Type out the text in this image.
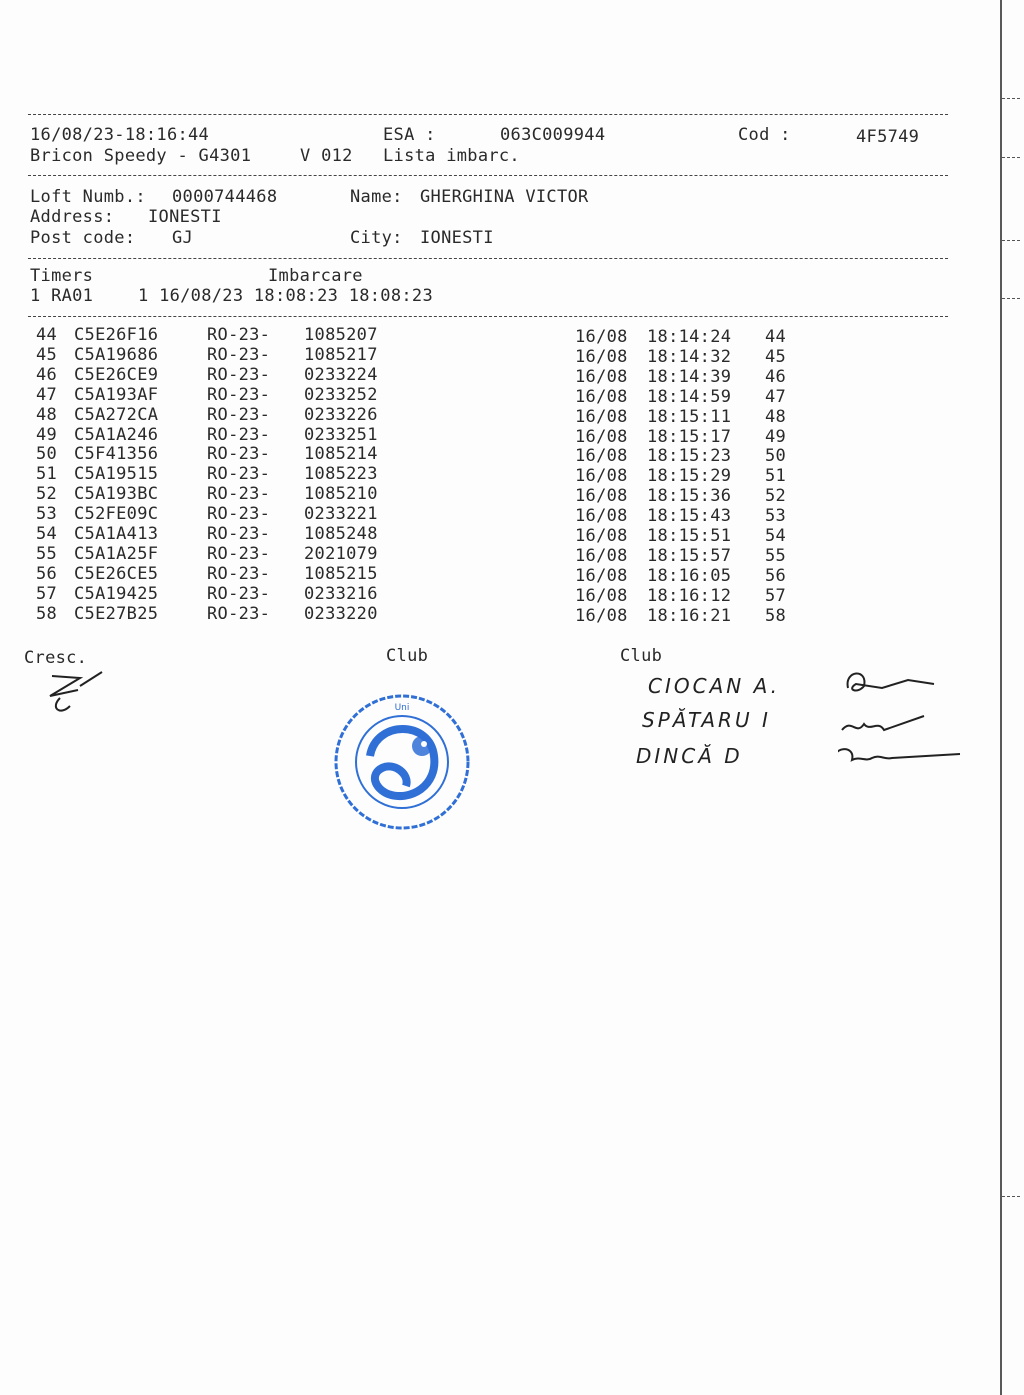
16/08/23-18:16:44	ESA :	063C009944	Cod :	4F5749
Bricon Speedy - G4301	V 012 Lista imbarc.
Loft Numb.: 0000744468	Name: GHERGHINA VICTOR
Address: IONESTI
Post code: GJ	City: IONESTI
Timers	Imbarcare
1 RA01	1 16/08/23 18:08:23 18:08:23
44 C5E26F16	RO-23- 1085207	16/08 18:14:24 44
45 C5A19686	RO-23- 1085217	16/08 18:14:32 45
46 C5E26CE9	RO-23- 0233224	16/08 18:14:39 46
47 C5A193AF	RO-23- 0233252	16/08 18:14:59 47
48 C5A272CA	RO-23- 0233226	16/08 18:15:11 48
49 C5A1A246	RO-23- 0233251	16/08 18:15:17 49
50 C5F41356	RO-23- 1085214	16/08 18:15:23 50
51 C5A19515	RO-23- 1085223	16/08 18:15:29 51
52 C5A193BC	RO-23- 1085210	16/08 18:15:36 52
53 C52FE09C	RO-23- 0233221	16/08 18:15:43 53
54 C5A1A413	RO-23- 1085248	16/08 18:15:51 54
55 C5A1A25F	RO-23- 2021079	16/08 18:15:57 55
56 C5E26CE5	RO-23- 1085215	16/08 18:16:05 56
57 C5A19425	RO-23- 0233216	16/08 18:16:12 57
58 C5E27B25	RO-23- 0233220	16/08 18:16:21 58
Cresc.	Club	Club
Uni
CIOCAN A.
SPĂTARU I
DINCĂ D
